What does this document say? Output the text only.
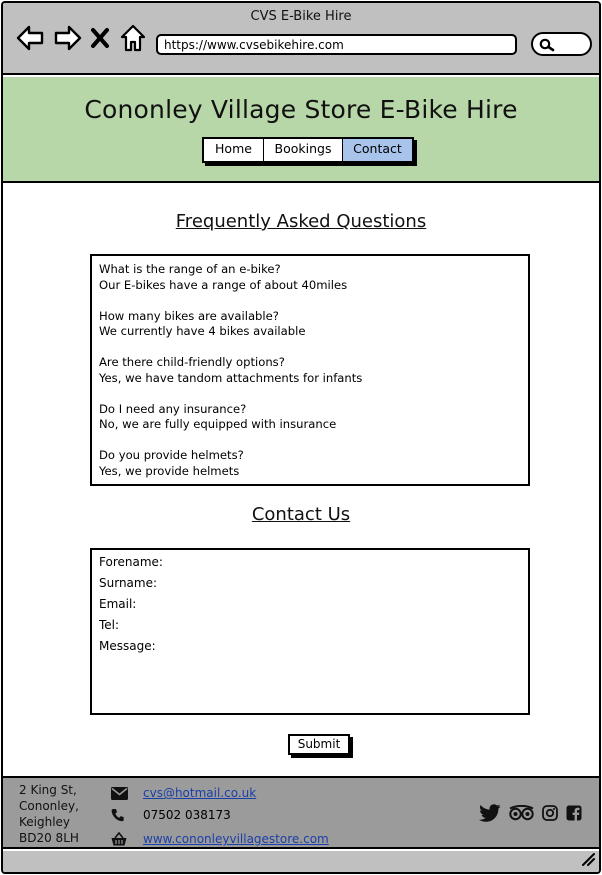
CVS E-Bike Hire
https://www.cvsebikehire.com
Cononley Village Store E-Bike Hire
Home	Bookings	Contact
Frequently Asked Questions
What is the range of an e-bike?
Our E-bikes have a range of about 40miles
How many bikes are available?
We currently have 4 bikes available
Are there child-friendly options?
Yes, we have tandom attachments for infants
Do I need any insurance?
No, we are fully equipped with insurance
Do you provide helmets?
Yes, we provide helmets
Contact Us
Forename:
Surname:
Email:
Tel:
Message:
Submit
2 King St,
Cononley,
Keighley
BD20 8LH
cvs@hotmail.co.uk
07502 038173
www.cononleyvillagestore.com
